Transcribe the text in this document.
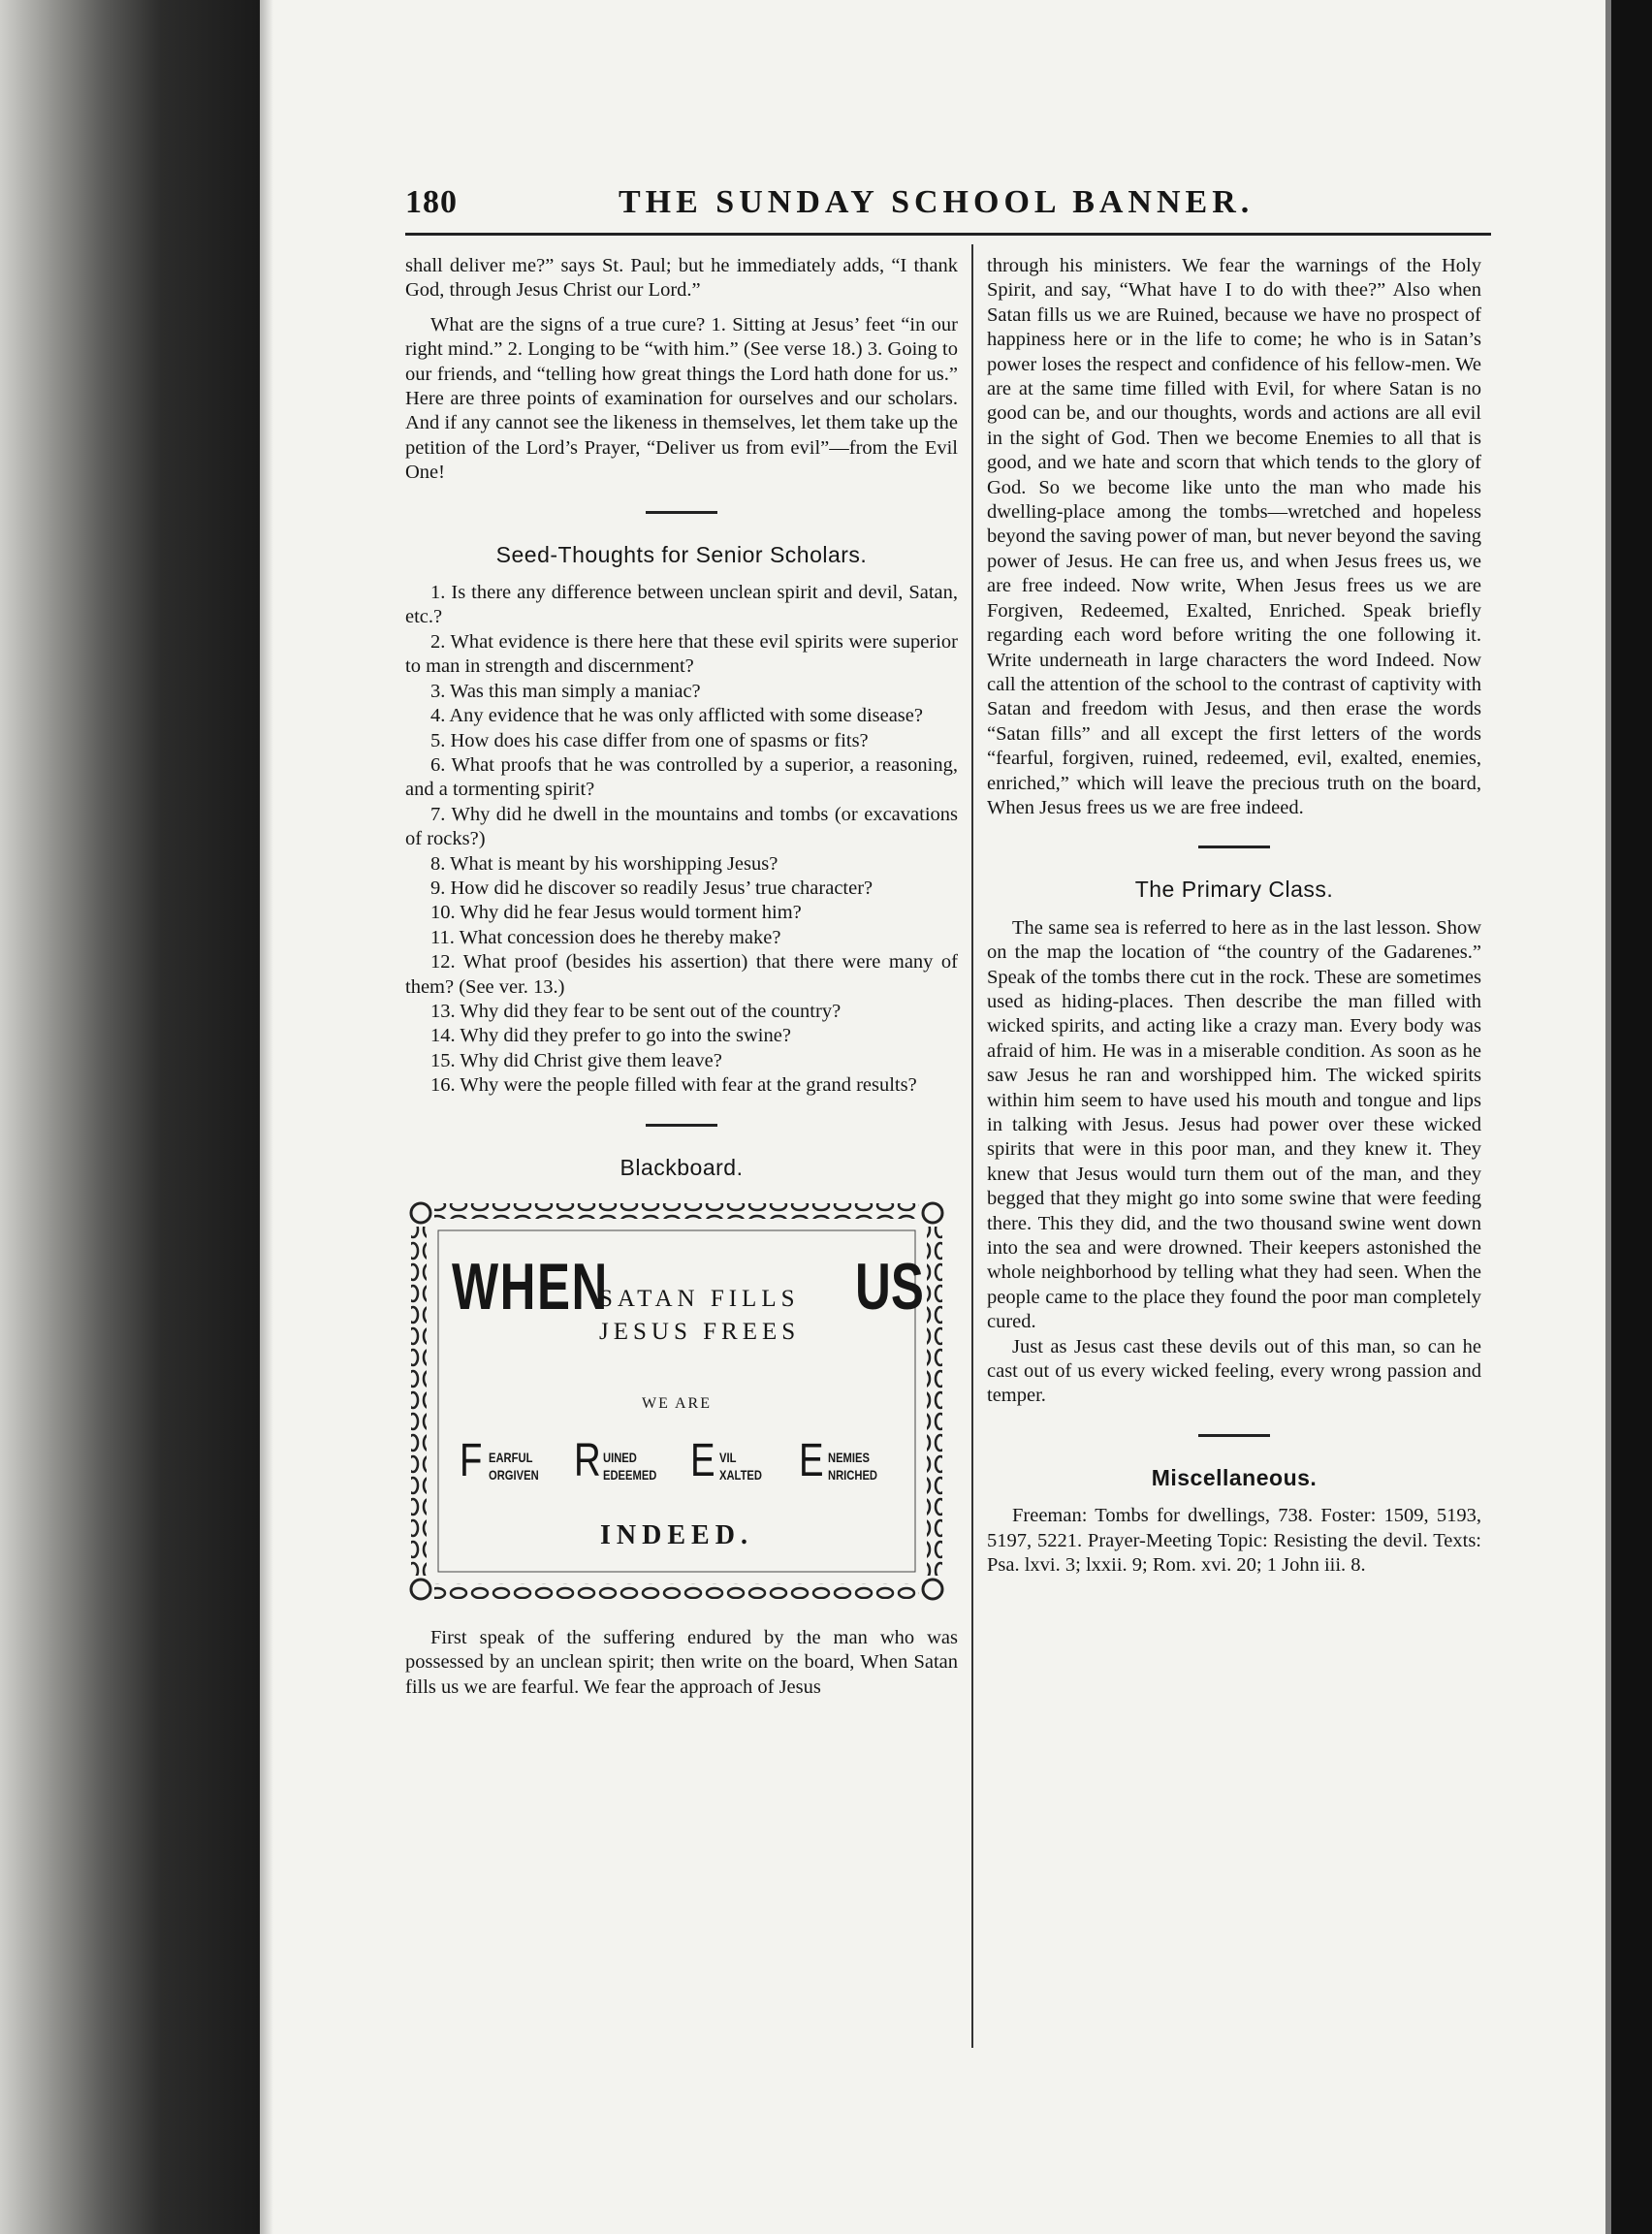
180	THE SUNDAY SCHOOL BANNER.

shall deliver me?” says St. Paul; but he immediately adds, “I thank God, through Jesus Christ our Lord.”

What are the signs of a true cure? 1. Sitting at Jesus’ feet “in our right mind.” 2. Longing to be “with him.” (See verse 18.) 3. Going to our friends, and “telling how great things the Lord hath done for us.” Here are three points of examination for ourselves and our scholars. And if any cannot see the likeness in themselves, let them take up the petition of the Lord’s Prayer, “Deliver us from evil”—from the Evil One!

Seed-Thoughts for Senior Scholars.
1. Is there any difference between unclean spirit and devil, Satan, etc.?
2. What evidence is there here that these evil spirits were superior to man in strength and discernment?
3. Was this man simply a maniac?
4. Any evidence that he was only afflicted with some disease?
5. How does his case differ from one of spasms or fits?
6. What proofs that he was controlled by a superior, a reasoning, and a tormenting spirit?
7. Why did he dwell in the mountains and tombs (or excavations of rocks?)
8. What is meant by his worshipping Jesus?
9. How did he discover so readily Jesus’ true character?
10. Why did he fear Jesus would torment him?
11. What concession does he thereby make?
12. What proof (besides his assertion) that there were many of them? (See ver. 13.)
13. Why did they fear to be sent out of the country?
14. Why did they prefer to go into the swine?
15. Why did Christ give them leave?
16. Why were the people filled with fear at the grand results?
Blackboard.
WHEN
SATAN FILLS
JESUS FREES
US
WE ARE
F EARFUL
ORGIVEN R UINED
EDEEMED E VIL
XALTED E NEMIES
NRICHED
INDEED.

First speak of the suffering endured by the man who was possessed by an unclean spirit; then write on the board, When Satan fills us we are fearful. We fear the approach of Jesus

through his ministers. We fear the warnings of the Holy Spirit, and say, “What have I to do with thee?” Also when Satan fills us we are Ruined, because we have no prospect of happiness here or in the life to come; he who is in Satan’s power loses the respect and confidence of his fellow-men. We are at the same time filled with Evil, for where Satan is no good can be, and our thoughts, words and actions are all evil in the sight of God. Then we become Enemies to all that is good, and we hate and scorn that which tends to the glory of God. So we become like unto the man who made his dwelling-place among the tombs—wretched and hopeless beyond the saving power of man, but never beyond the saving power of Jesus. He can free us, and when Jesus frees us, we are free indeed. Now write, When Jesus frees us we are Forgiven, Redeemed, Exalted, Enriched. Speak briefly regarding each word before writing the one following it. Write underneath in large characters the word Indeed. Now call the attention of the school to the contrast of captivity with Satan and freedom with Jesus, and then erase the words “Satan fills” and all except the first letters of the words “fearful, forgiven, ruined, redeemed, evil, exalted, enemies, enriched,” which will leave the precious truth on the board, When Jesus frees us we are free indeed.

The Primary Class.

The same sea is referred to here as in the last lesson. Show on the map the location of “the country of the Gadarenes.” Speak of the tombs there cut in the rock. These are sometimes used as hiding-places. Then describe the man filled with wicked spirits, and acting like a crazy man. Every body was afraid of him. He was in a miserable condition. As soon as he saw Jesus he ran and worshipped him. The wicked spirits within him seem to have used his mouth and tongue and lips in talking with Jesus. Jesus had power over these wicked spirits that were in this poor man, and they knew it. They knew that Jesus would turn them out of the man, and they begged that they might go into some swine that were feeding there. This they did, and the two thousand swine went down into the sea and were drowned. Their keepers astonished the whole neighborhood by telling what they had seen. When the people came to the place they found the poor man completely cured.

Just as Jesus cast these devils out of this man, so can he cast out of us every wicked feeling, every wrong passion and temper.

Miscellaneous.

Freeman: Tombs for dwellings, 738. Foster: 1509, 5193, 5197, 5221. Prayer-Meeting Topic: Resisting the devil. Texts: Psa. lxvi. 3; lxxii. 9; Rom. xvi. 20; 1 John iii. 8.
